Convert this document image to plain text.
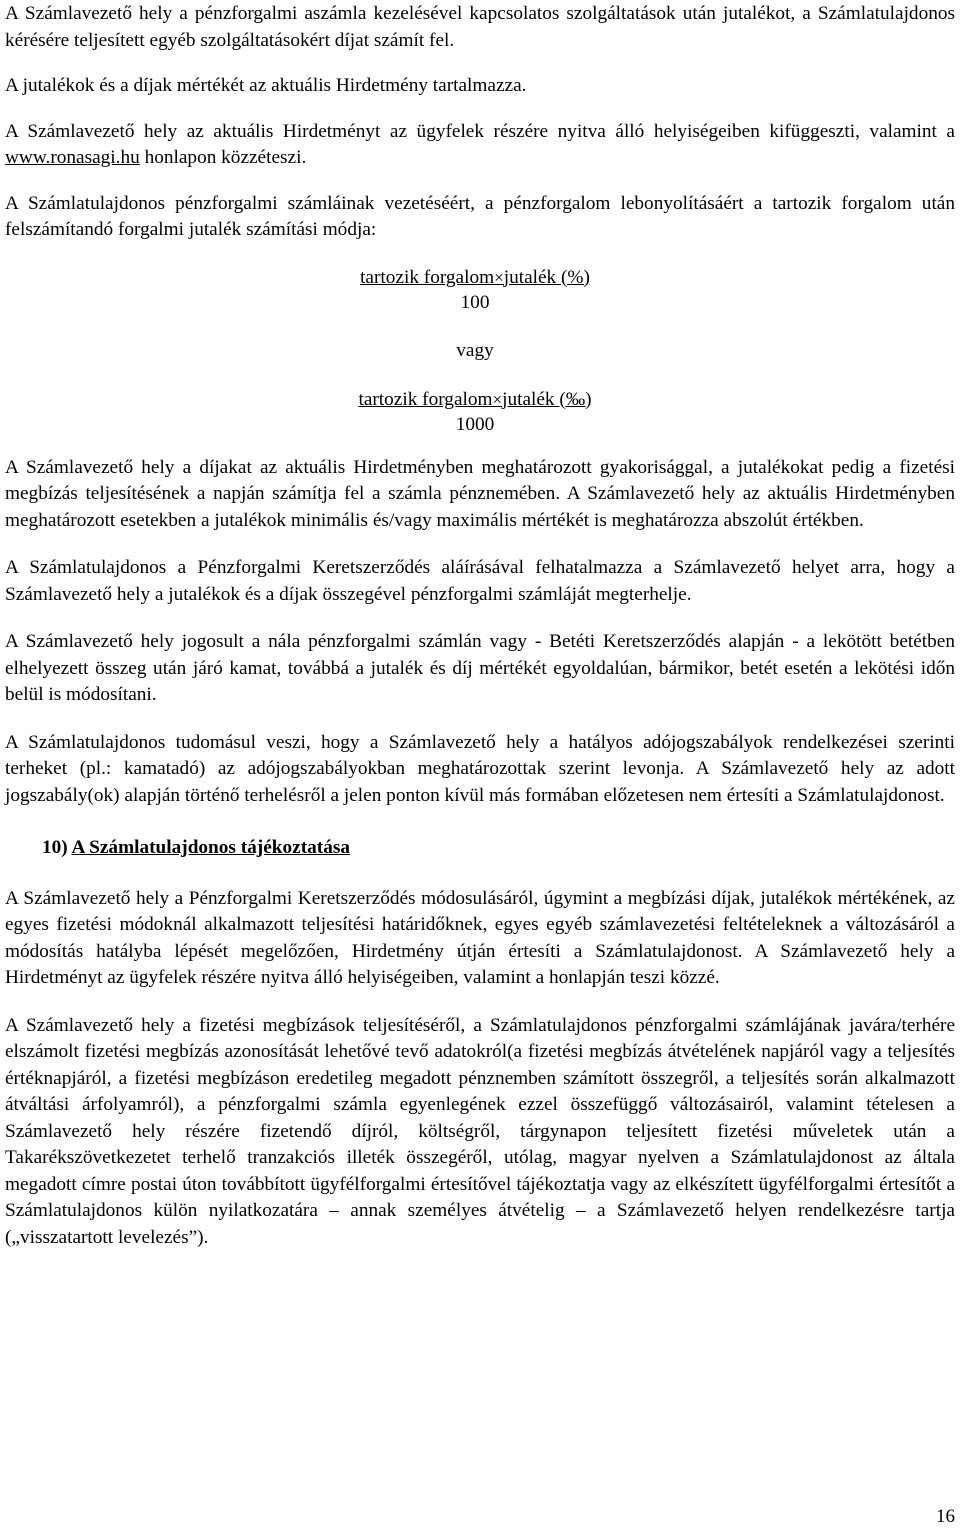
A Számlavezető hely a pénzforgalmi aszámla kezelésével kapcsolatos szolgáltatások után jutalékot, a Számlatulajdonos kérésére teljesített egyéb szolgáltatásokért díjat számít fel.

A jutalékok és a díjak mértékét az aktuális Hirdetmény tartalmazza.

A Számlavezető hely az aktuális Hirdetményt az ügyfelek részére nyitva álló helyiségeiben kifüggeszti, valamint a www.ronasagi.hu honlapon közzéteszi.

A Számlatulajdonos pénzforgalmi számláinak vezetéséért, a pénzforgalom lebonyolításáért a tartozik forgalom után felszámítandó forgalmi jutalék számítási módja:

tartozik forgalom×jutalék (%)
100
vagy
tartozik forgalom×jutalék (‰)
1000

A Számlavezető hely a díjakat az aktuális Hirdetményben meghatározott gyakorisággal, a jutalékokat pedig a fizetési megbízás teljesítésének a napján számítja fel a számla pénznemében. A Számlavezető hely az aktuális Hirdetményben meghatározott esetekben a jutalékok minimális és/vagy maximális mértékét is meghatározza abszolút értékben.

A Számlatulajdonos a Pénzforgalmi Keretszerződés aláírásával felhatalmazza a Számlavezető helyet arra, hogy a Számlavezető hely a jutalékok és a díjak összegével pénzforgalmi számláját megterhelje.

A Számlavezető hely jogosult a nála pénzforgalmi számlán vagy - Betéti Keretszerződés alapján - a lekötött betétben elhelyezett összeg után járó kamat, továbbá a jutalék és díj mértékét egyoldalúan, bármikor, betét esetén a lekötési időn belül is módosítani.

A Számlatulajdonos tudomásul veszi, hogy a Számlavezető hely a hatályos adójogszabályok rendelkezései szerinti terheket (pl.: kamatadó) az adójogszabályokban meghatározottak szerint levonja. A Számlavezető hely az adott jogszabály(ok) alapján történő terhelésről a jelen ponton kívül más formában előzetesen nem értesíti a Számlatulajdonost.

10) A Számlatulajdonos tájékoztatása

A Számlavezető hely a Pénzforgalmi Keretszerződés módosulásáról, úgymint a megbízási díjak, jutalékok mértékének, az egyes fizetési módoknál alkalmazott teljesítési határidőknek, egyes egyéb számlavezetési feltételeknek a változásáról a módosítás hatályba lépését megelőzően, Hirdetmény útján értesíti a Számlatulajdonost. A Számlavezető hely a Hirdetményt az ügyfelek részére nyitva álló helyiségeiben, valamint a honlapján teszi közzé.

A Számlavezető hely a fizetési megbízások teljesítéséről, a Számlatulajdonos pénzforgalmi számlájának javára/terhére elszámolt fizetési megbízás azonosítását lehetővé tevő adatokról(a fizetési megbízás átvételének napjáról vagy a teljesítés értéknapjáról, a fizetési megbízáson eredetileg megadott pénznemben számított összegről, a teljesítés során alkalmazott átváltási árfolyamról), a pénzforgalmi számla egyenlegének ezzel összefüggő változásairól, valamint tételesen a Számlavezető hely részére fizetendő díjról, költségről, tárgynapon teljesített fizetési műveletek után a Takarékszövetkezetet terhelő tranzakciós illeték összegéről, utólag, magyar nyelven a Számlatulajdonost az általa megadott címre postai úton továbbított ügyfélforgalmi értesítővel tájékoztatja vagy az elkészített ügyfélforgalmi értesítőt a Számlatulajdonos külön nyilatkozatára – annak személyes átvételig – a Számlavezető helyen rendelkezésre tartja („visszatartott levelezés”).

16
